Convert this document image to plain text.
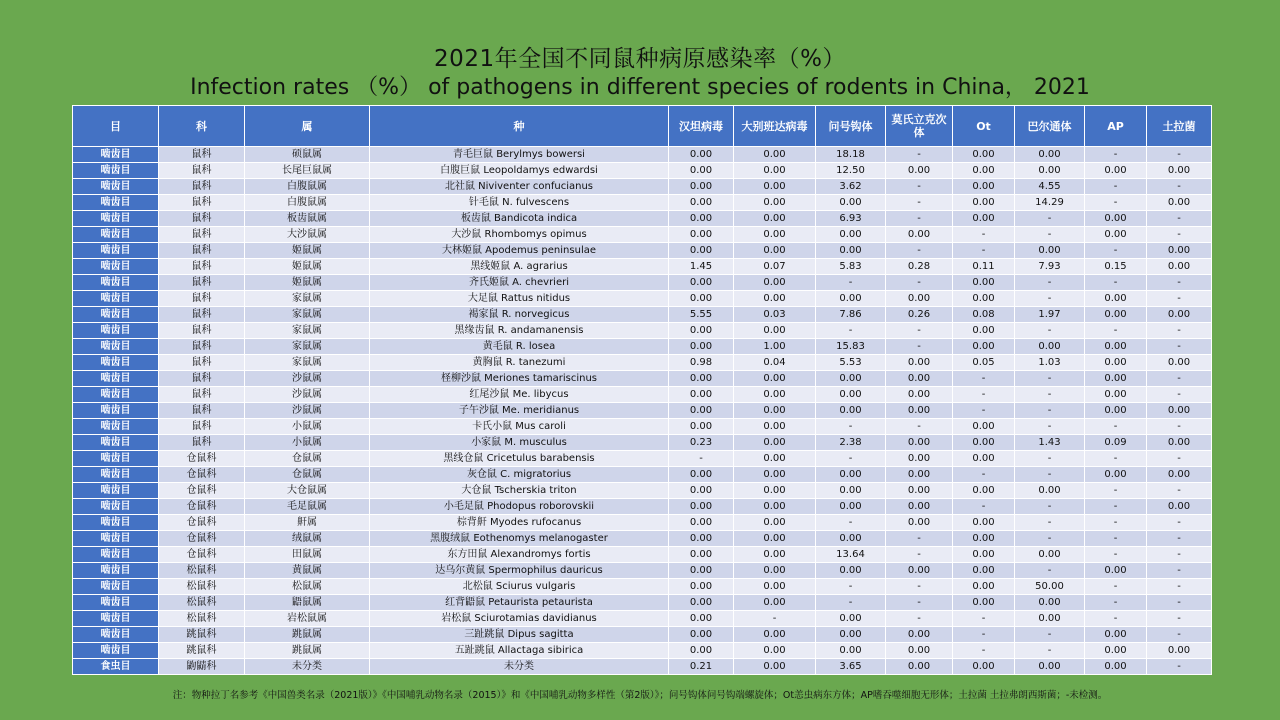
2021年全国不同鼠种病原感染率（%）
Infection rates （%） of pathogens in different species of rodents in China， 2021
目	科	属	种	汉坦病毒	大别班达病毒	问号钩体	莫氏立克次体	Ot	巴尔通体	AP	土拉菌
啮齿目	鼠科	硕鼠属	青毛巨鼠 Berylmys bowersi	0.00	0.00	18.18	-	0.00	0.00	-	-
啮齿目	鼠科	长尾巨鼠属	白腹巨鼠 Leopoldamys edwardsi	0.00	0.00	12.50	0.00	0.00	0.00	0.00	0.00
啮齿目	鼠科	白腹鼠属	北社鼠 Niviventer confucianus	0.00	0.00	3.62	-	0.00	4.55	-	-
啮齿目	鼠科	白腹鼠属	针毛鼠 N. fulvescens	0.00	0.00	0.00	-	0.00	14.29	-	0.00
啮齿目	鼠科	板齿鼠属	板齿鼠 Bandicota indica	0.00	0.00	6.93	-	0.00	-	0.00	-
啮齿目	鼠科	大沙鼠属	大沙鼠 Rhombomys opimus	0.00	0.00	0.00	0.00	-	-	0.00	-
啮齿目	鼠科	姬鼠属	大林姬鼠 Apodemus peninsulae	0.00	0.00	0.00	-	-	0.00	-	0.00
啮齿目	鼠科	姬鼠属	黑线姬鼠 A. agrarius	1.45	0.07	5.83	0.28	0.11	7.93	0.15	0.00
啮齿目	鼠科	姬鼠属	齐氏姬鼠 A. chevrieri	0.00	0.00	-	-	0.00	-	-	-
啮齿目	鼠科	家鼠属	大足鼠 Rattus nitidus	0.00	0.00	0.00	0.00	0.00	-	0.00	-
啮齿目	鼠科	家鼠属	褐家鼠 R. norvegicus	5.55	0.03	7.86	0.26	0.08	1.97	0.00	0.00
啮齿目	鼠科	家鼠属	黑缘齿鼠 R. andamanensis	0.00	0.00	-	-	0.00	-	-	-
啮齿目	鼠科	家鼠属	黄毛鼠 R. losea	0.00	1.00	15.83	-	0.00	0.00	0.00	-
啮齿目	鼠科	家鼠属	黄胸鼠 R. tanezumi	0.98	0.04	5.53	0.00	0.05	1.03	0.00	0.00
啮齿目	鼠科	沙鼠属	柽柳沙鼠 Meriones tamariscinus	0.00	0.00	0.00	0.00	-	-	0.00	-
啮齿目	鼠科	沙鼠属	红尾沙鼠 Me. libycus	0.00	0.00	0.00	0.00	-	-	0.00	-
啮齿目	鼠科	沙鼠属	子午沙鼠 Me. meridianus	0.00	0.00	0.00	0.00	-	-	0.00	0.00
啮齿目	鼠科	小鼠属	卡氏小鼠 Mus caroli	0.00	0.00	-	-	0.00	-	-	-
啮齿目	鼠科	小鼠属	小家鼠 M. musculus	0.23	0.00	2.38	0.00	0.00	1.43	0.09	0.00
啮齿目	仓鼠科	仓鼠属	黑线仓鼠 Cricetulus barabensis	-	0.00	-	0.00	0.00	-	-	-
啮齿目	仓鼠科	仓鼠属	灰仓鼠 C. migratorius	0.00	0.00	0.00	0.00	-	-	0.00	0.00
啮齿目	仓鼠科	大仓鼠属	大仓鼠 Tscherskia triton	0.00	0.00	0.00	0.00	0.00	0.00	-	-
啮齿目	仓鼠科	毛足鼠属	小毛足鼠 Phodopus roborovskii	0.00	0.00	0.00	0.00	-	-	-	0.00
啮齿目	仓鼠科	鼾属	棕背鼾 Myodes rufocanus	0.00	0.00	-	0.00	0.00	-	-	-
啮齿目	仓鼠科	绒鼠属	黑腹绒鼠 Eothenomys melanogaster	0.00	0.00	0.00	-	0.00	-	-	-
啮齿目	仓鼠科	田鼠属	东方田鼠 Alexandromys fortis	0.00	0.00	13.64	-	0.00	0.00	-	-
啮齿目	松鼠科	黄鼠属	达乌尔黄鼠 Spermophilus dauricus	0.00	0.00	0.00	0.00	0.00	-	0.00	-
啮齿目	松鼠科	松鼠属	北松鼠 Sciurus vulgaris	0.00	0.00	-	-	0.00	50.00	-	-
啮齿目	松鼠科	鼯鼠属	红背鼯鼠 Petaurista petaurista	0.00	0.00	-	-	0.00	0.00	-	-
啮齿目	松鼠科	岩松鼠属	岩松鼠 Sciurotamias davidianus	0.00	-	0.00	-	-	0.00	-	-
啮齿目	跳鼠科	跳鼠属	三趾跳鼠 Dipus sagitta	0.00	0.00	0.00	0.00	-	-	0.00	-
啮齿目	跳鼠科	跳鼠属	五趾跳鼠 Allactaga sibirica	0.00	0.00	0.00	0.00	-	-	0.00	0.00
食虫目	鼩鼱科	未分类	未分类	0.21	0.00	3.65	0.00	0.00	0.00	0.00	-
注：物种拉丁名参考《中国兽类名录（2021版）》《中国哺乳动物名录（2015）》和《中国哺乳动物多样性（第2版）》；问号钩体问号钩端螺旋体；Ot恙虫病东方体；AP嗜吞噬细胞无形体；土拉菌 土拉弗朗西斯菌；-未检测。
